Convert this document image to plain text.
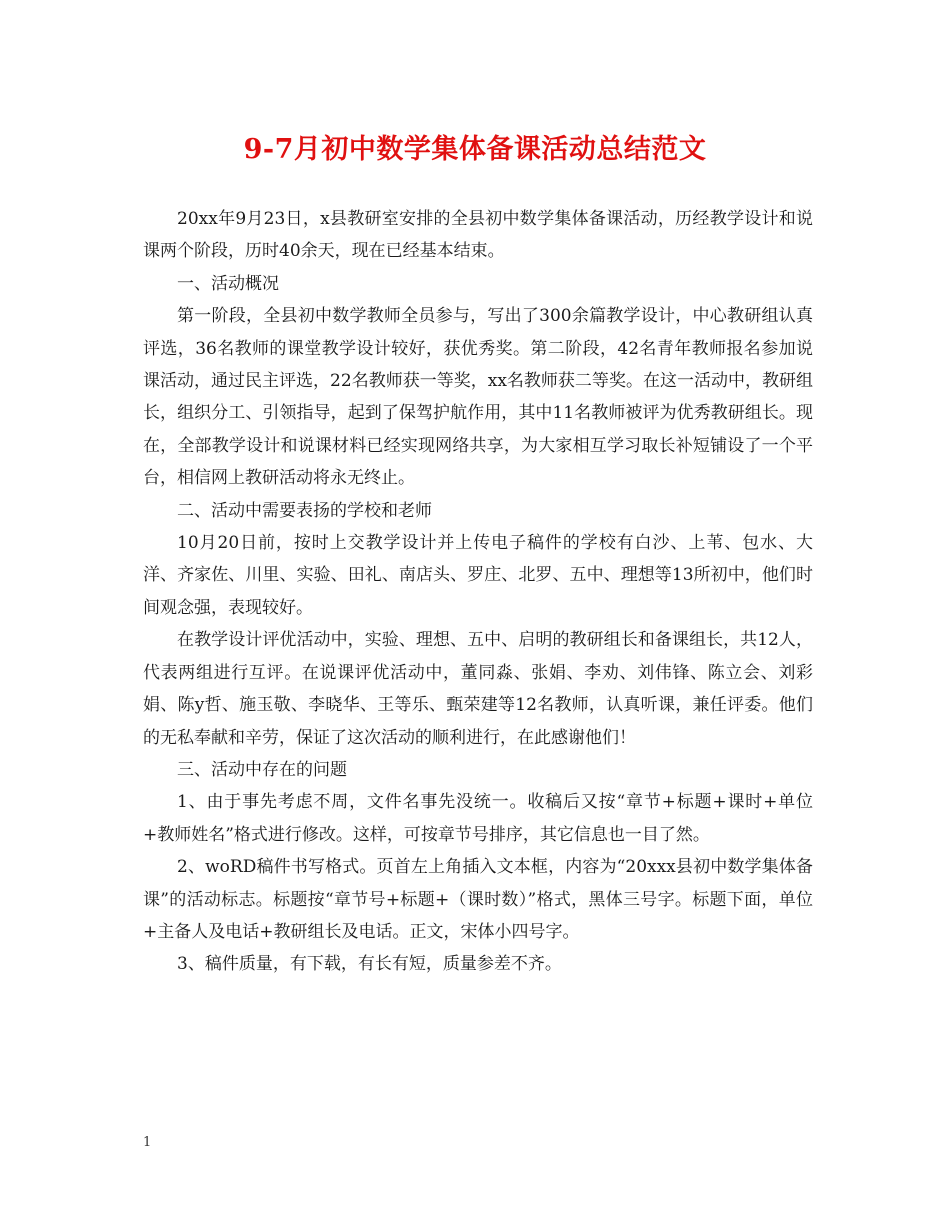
9-7月初中数学集体备课活动总结范文

20xx年9月23日，x县教研室安排的全县初中数学集体备课活动，历经教学设计和说课两个阶段，历时40余天，现在已经基本结束。

一、活动概况

第一阶段，全县初中数学教师全员参与，写出了300余篇教学设计，中心教研组认真评选，36名教师的课堂教学设计较好，获优秀奖。第二阶段，42名青年教师报名参加说课活动，通过民主评选，22名教师获一等奖，xx名教师获二等奖。在这一活动中，教研组长，组织分工、引领指导，起到了保驾护航作用，其中11名教师被评为优秀教研组长。现在，全部教学设计和说课材料已经实现网络共享，为大家相互学习取长补短铺设了一个平台，相信网上教研活动将永无终止。

二、活动中需要表扬的学校和老师

10月20日前，按时上交教学设计并上传电子稿件的学校有白沙、上苇、包水、大洋、齐家佐、川里、实验、田礼、南店头、罗庄、北罗、五中、理想等13所初中，他们时间观念强，表现较好。

在教学设计评优活动中，实验、理想、五中、启明的教研组长和备课组长，共12人，代表两组进行互评。在说课评优活动中，董同淼、张娟、李劝、刘伟锋、陈立会、刘彩娟、陈y哲、施玉敬、李晓华、王等乐、甄荣建等12名教师，认真听课，兼任评委。他们的无私奉献和辛劳，保证了这次活动的顺利进行，在此感谢他们！

三、活动中存在的问题

1、由于事先考虑不周，文件名事先没统一。收稿后又按“章节+标题+课时+单位+教师姓名”格式进行修改。这样，可按章节号排序，其它信息也一目了然。

2、woRD稿件书写格式。页首左上角插入文本框，内容为“20xxx县初中数学集体备课”的活动标志。标题按“章节号+标题+（课时数）”格式，黑体三号字。标题下面，单位+主备人及电话+教研组长及电话。正文，宋体小四号字。

3、稿件质量，有下载，有长有短，质量参差不齐。

1
